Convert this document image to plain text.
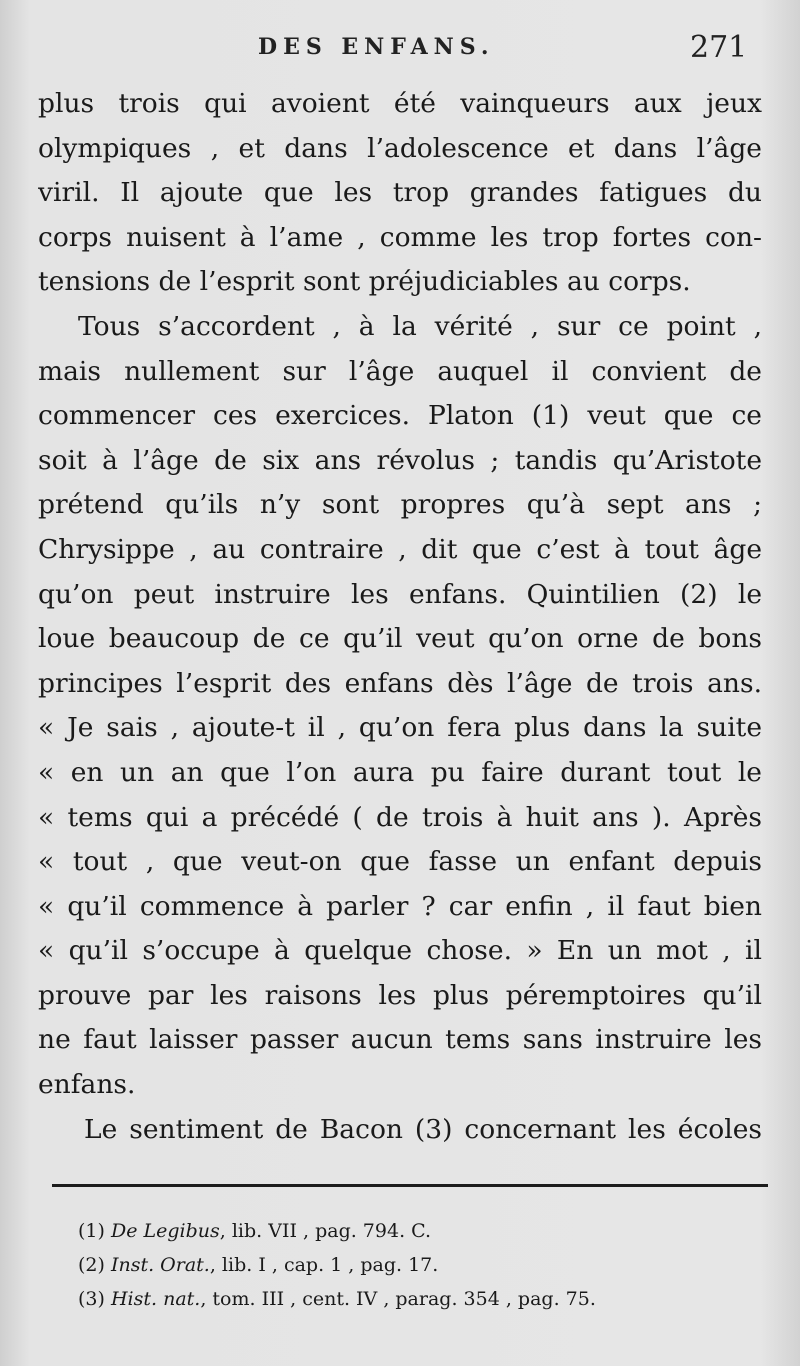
DES ENFANS.	271
plus trois qui avoient été vainqueurs aux jeux
olympiques , et dans l’adolescence et dans l’âge
viril. Il ajoute que les trop grandes fatigues du
corps nuisent à l’ame , comme les trop fortes con-
tensions de l’esprit sont préjudiciables au corps.
Tous s’accordent , à la vérité , sur ce point ,
mais nullement sur l’âge auquel il convient de
commencer ces exercices. Platon (1) veut que ce
soit à l’âge de six ans révolus ; tandis qu’Aristote
prétend qu’ils n’y sont propres qu’à sept ans ;
Chrysippe , au contraire , dit que c’est à tout âge
qu’on peut instruire les enfans. Quintilien (2) le
loue beaucoup de ce qu’il veut qu’on orne de bons
principes l’esprit des enfans dès l’âge de trois ans.
« Je sais , ajoute-t il , qu’on fera plus dans la suite
« en un an que l’on aura pu faire durant tout le
« tems qui a précédé ( de trois à huit ans ). Après
« tout , que veut-on que fasse un enfant depuis
« qu’il commence à parler ? car enfin , il faut bien
« qu’il s’occupe à quelque chose. » En un mot , il
prouve par les raisons les plus péremptoires qu’il
ne faut laisser passer aucun tems sans instruire les
enfans.
Le sentiment de Bacon (3) concernant les écoles
(1) De Legibus, lib. VII , pag. 794. C.
(2) Inst. Orat., lib. I , cap. 1 , pag. 17.
(3) Hist. nat., tom. III , cent. IV , parag. 354 , pag. 75.
